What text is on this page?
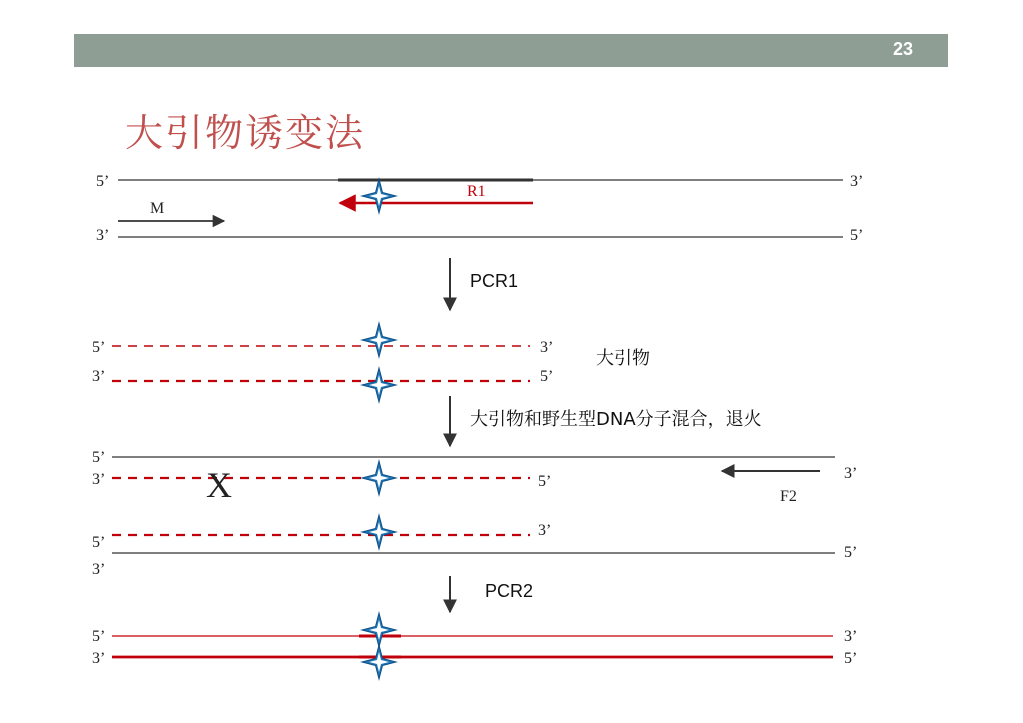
23
大引物诱变法
5’	3’
3’	5’
M
R1
PCR1
5’
3’
3’
5’
大引物
大引物和野生型DNA分子混合，退火
5’
3’	5’
X	3’
F2
3’
5’
5’
3’
PCR2
5’
3’
3’
5’
